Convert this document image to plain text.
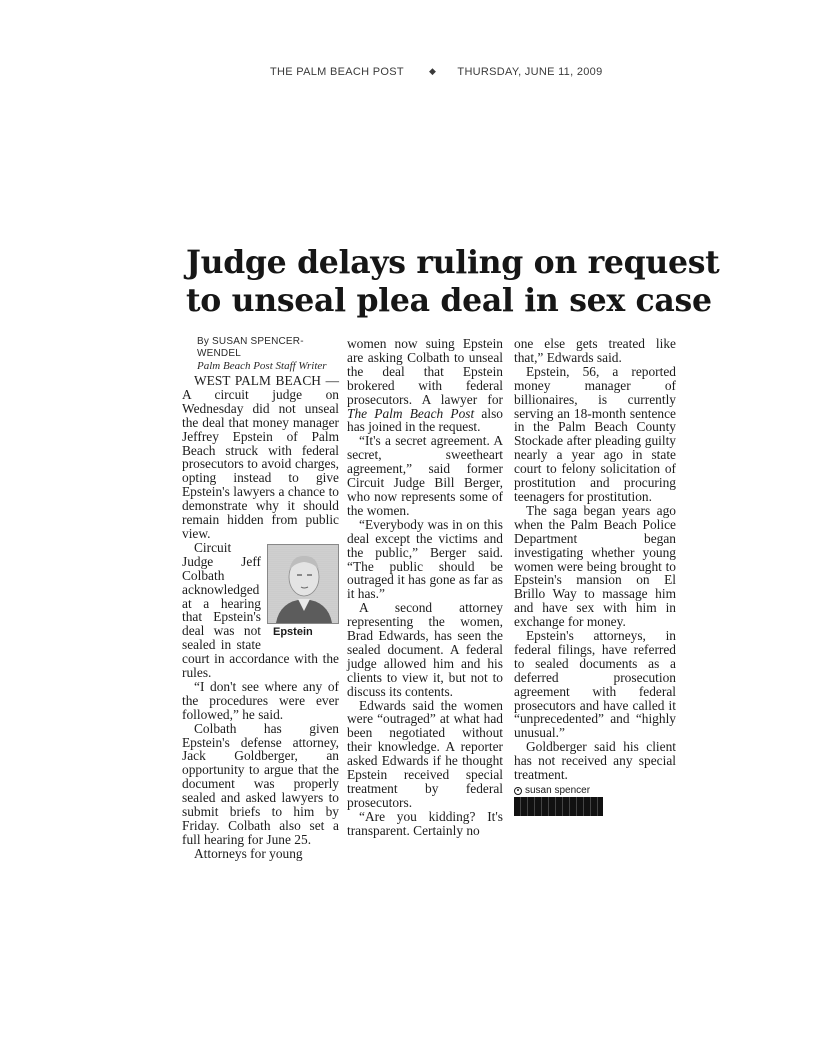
THE PALM BEACH POST	◆ THURSDAY, JUNE 11, 2009
Judge delays ruling on request
to unseal plea deal in sex case
By SUSAN SPENCER-WENDEL
Palm Beach Post Staff Writer

WEST PALM BEACH — A circuit judge on Wednesday did not unseal the deal that money manager Jeffrey Epstein of Palm Beach struck with federal prosecutors to avoid charges, opting instead to give Epstein's lawyers a chance to demonstrate why it should remain hidden from public view.

Epstein
Circuit Judge Jeff Colbath acknowledged at a hearing that Epstein's deal was not sealed in state court in accordance with the rules.

“I don't see where any of the procedures were ever followed,” he said.

Colbath has given Epstein's defense attorney, Jack Goldberger, an opportunity to argue that the document was properly sealed and asked lawyers to submit briefs to him by Friday. Colbath also set a full hearing for June 25.

Attorneys for young

women now suing Epstein are asking Colbath to unseal the deal that Epstein brokered with federal prosecutors. A lawyer for The Palm Beach Post also has joined in the request.

“It's a secret agreement. A secret, sweetheart agreement,” said former Circuit Judge Bill Berger, who now represents some of the women.

“Everybody was in on this deal except the victims and the public,” Berger said. “The public should be outraged it has gone as far as it has.”

A second attorney representing the women, Brad Edwards, has seen the sealed document. A federal judge allowed him and his clients to view it, but not to discuss its contents.

Edwards said the women were “outraged” at what had been negotiated without their knowledge. A reporter asked Edwards if he thought Epstein received special treatment by federal prosecutors.

“Are you kidding? It's transparent. Certainly no

one else gets treated like that,” Edwards said.

Epstein, 56, a reported money manager of billionaires, is currently serving an 18-month sentence in the Palm Beach County Stockade after pleading guilty nearly a year ago in state court to felony solicitation of prostitution and procuring teenagers for prostitution.

The saga began years ago when the Palm Beach Police Department began investigating whether young women were being brought to Epstein's mansion on El Brillo Way to massage him and have sex with him in exchange for money.

Epstein's attorneys, in federal filings, have referred to sealed documents as a deferred prosecution agreement with federal prosecutors and have called it “unprecedented” and “highly unusual.”

Goldberger said his client has not received any special treatment.

susan spencer
